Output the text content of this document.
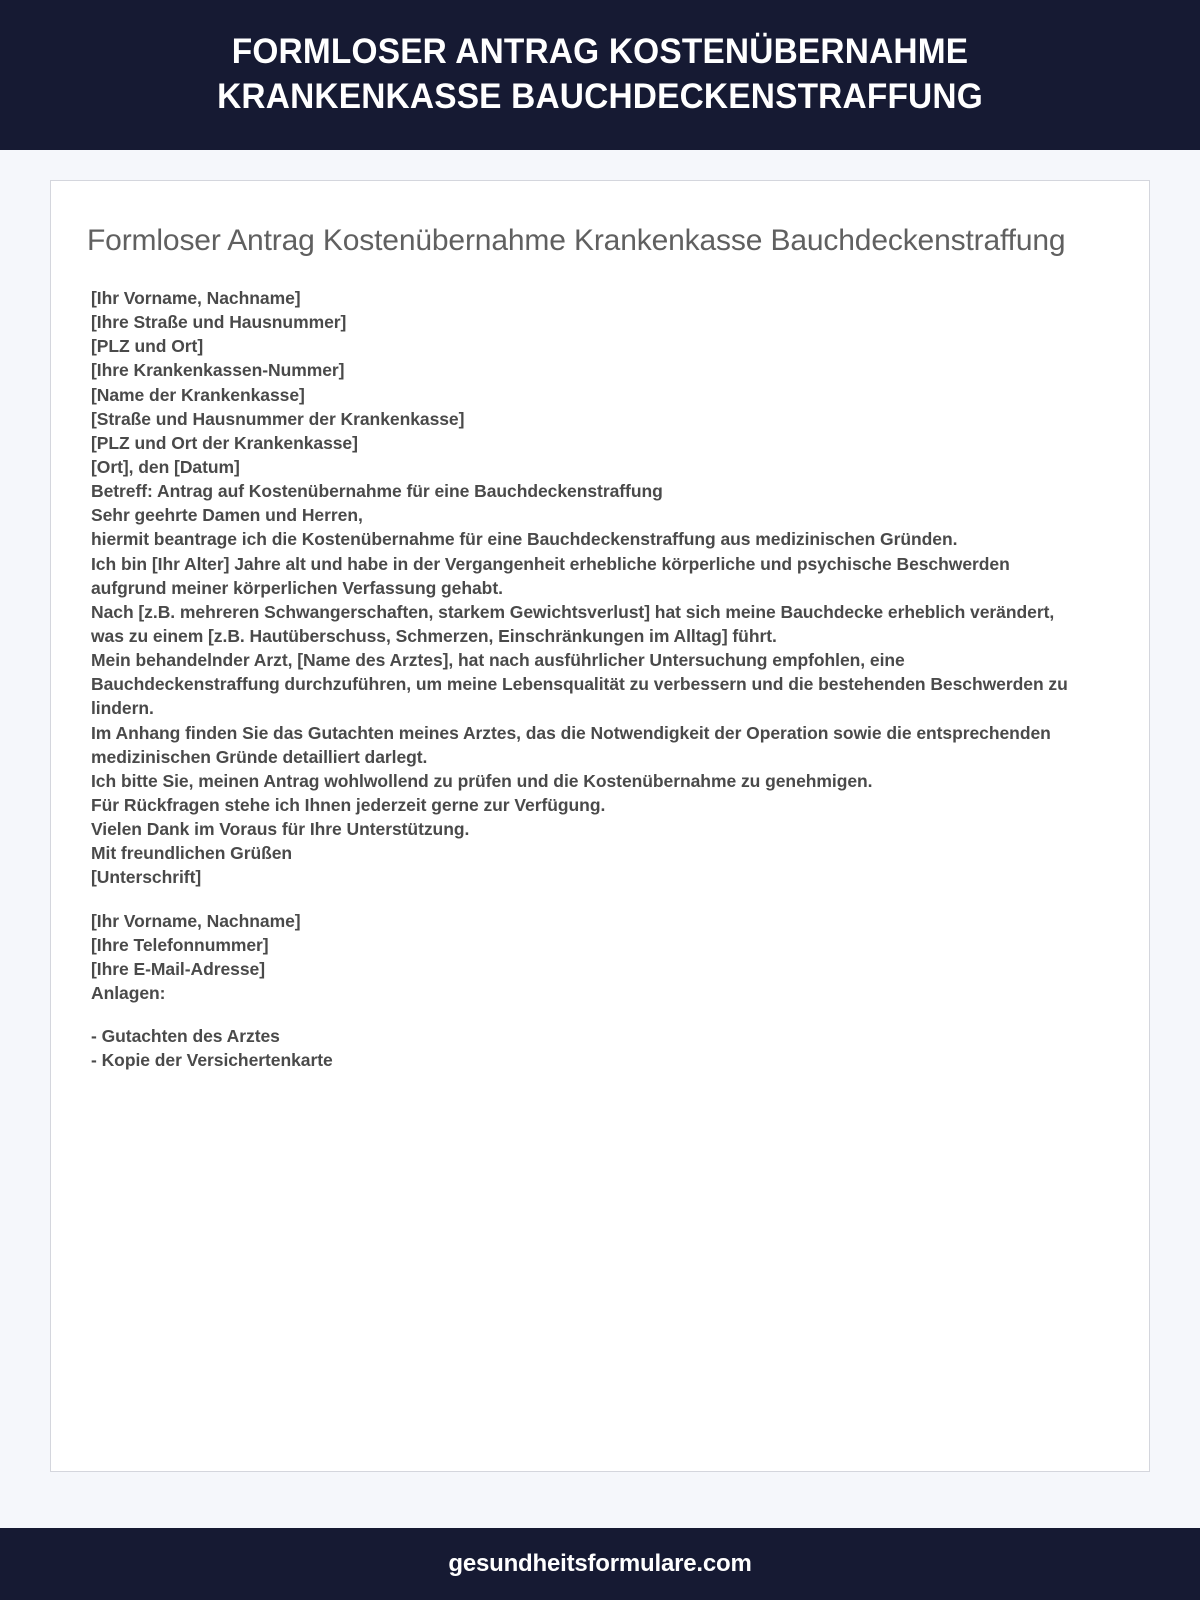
FORMLOSER ANTRAG KOSTENÜBERNAHME KRANKENKASSE BAUCHDECKENSTRAFFUNG
Formloser Antrag Kostenübernahme Krankenkasse Bauchdeckenstraffung

[Ihr Vorname, Nachname]

[Ihre Straße und Hausnummer]

[PLZ und Ort]

[Ihre Krankenkassen-Nummer]

[Name der Krankenkasse]

[Straße und Hausnummer der Krankenkasse]

[PLZ und Ort der Krankenkasse]

[Ort], den [Datum]

Betreff: Antrag auf Kostenübernahme für eine Bauchdeckenstraffung

Sehr geehrte Damen und Herren,

hiermit beantrage ich die Kostenübernahme für eine Bauchdeckenstraffung aus medizinischen Gründen.

Ich bin [Ihr Alter] Jahre alt und habe in der Vergangenheit erhebliche körperliche und psychische Beschwerden aufgrund meiner körperlichen Verfassung gehabt.

Nach [z.B. mehreren Schwangerschaften, starkem Gewichtsverlust] hat sich meine Bauchdecke erheblich verändert, was zu einem [z.B. Hautüberschuss, Schmerzen, Einschränkungen im Alltag] führt.

Mein behandelnder Arzt, [Name des Arztes], hat nach ausführlicher Untersuchung empfohlen, eine Bauchdeckenstraffung durchzuführen, um meine Lebensqualität zu verbessern und die bestehenden Beschwerden zu lindern.

Im Anhang finden Sie das Gutachten meines Arztes, das die Notwendigkeit der Operation sowie die entsprechenden medizinischen Gründe detailliert darlegt.

Ich bitte Sie, meinen Antrag wohlwollend zu prüfen und die Kostenübernahme zu genehmigen.

Für Rückfragen stehe ich Ihnen jederzeit gerne zur Verfügung.

Vielen Dank im Voraus für Ihre Unterstützung.

Mit freundlichen Grüßen

[Unterschrift]

[Ihr Vorname, Nachname]

[Ihre Telefonnummer]

[Ihre E-Mail-Adresse]

Anlagen:

- Gutachten des Arztes

- Kopie der Versichertenkarte

gesundheitsformulare.com
